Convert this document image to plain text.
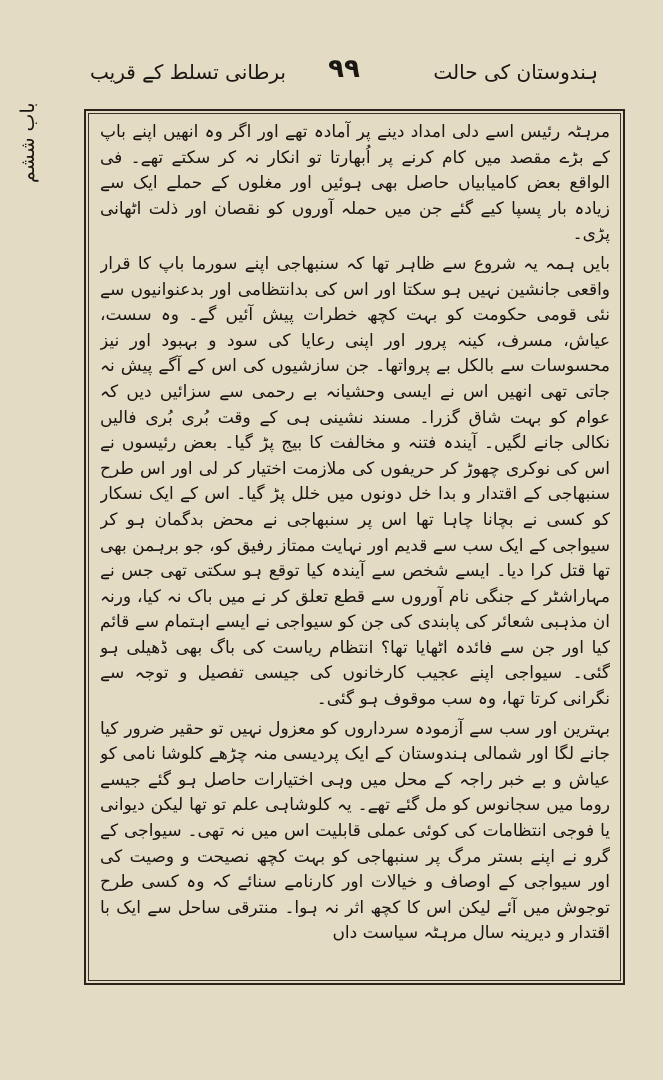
ہندوستان کی حالت
۹۹
برطانی تسلط کے قریب
باب ششم	مرہٹہ رئیس اسے دلی امداد دینے پر آمادہ تھے اور اگر وہ انھیں اپنے باپ کے بڑے مقصد میں کام کرنے پر اُبھارتا تو انکار نہ کر سکتے تھے۔ فی الواقع بعض کامیابیاں حاصل بھی ہوئیں اور مغلوں کے حملے ایک سے زیادہ بار پسپا کیے گئے جن میں حملہ آوروں کو نقصان اور ذلت اٹھانی پڑی۔

بایں ہمہ یہ شروع سے ظاہر تھا کہ سنبھاجی اپنے سورما باپ کا قرار واقعی جانشین نہیں ہو سکتا اور اس کی بدانتظامی اور بدعنوانیوں سے نئی قومی حکومت کو بہت کچھ خطرات پیش آئیں گے۔ وہ سست، عیاش، مسرف، کینہ پرور اور اپنی رعایا کی سود و بہبود اور نیز محسوسات سے بالکل بے پرواتھا۔ جن سازشیوں کی اس کے آگے پیش نہ جاتی تھی انھیں اس نے ایسی وحشیانہ بے رحمی سے سزائیں دیں کہ عوام کو بہت شاق گزرا۔ مسند نشینی ہی کے وقت بُری بُری فالیں نکالی جانے لگیں۔ آیندہ فتنہ و مخالفت کا بیج پڑ گیا۔ بعض رئیسوں نے اس کی نوکری چھوڑ کر حریفوں کی ملازمت اختیار کر لی اور اس طرح سنبھاجی کے اقتدار و بدا خل دونوں میں خلل پڑ گیا۔ اس کے ایک نسکار کو کسی نے بچانا چاہا تھا اس پر سنبھاجی نے محض بدگمان ہو کر سیواجی کے ایک سب سے قدیم اور نہایت ممتاز رفیق کو، جو برہمن بھی تھا قتل کرا دیا۔ ایسے شخص سے آیندہ کیا توقع ہو سکتی تھی جس نے مہاراشٹر کے جنگی نام آوروں سے قطع تعلق کر نے میں باک نہ کیا، ورنہ ان مذہبی شعائر کی پابندی کی جن کو سیواجی نے ایسے اہتمام سے قائم کیا اور جن سے فائدہ اٹھایا تھا؟ انتظام ریاست کی باگ بھی ڈھیلی ہو گئی۔ سیواجی اپنے عجیب کارخانوں کی جیسی تفصیل و توجہ سے نگرانی کرتا تھا، وہ سب موقوف ہو گئی۔

بہترین اور سب سے آزمودہ سرداروں کو معزول نہیں تو حقیر ضرور کیا جانے لگا اور شمالی ہندوستان کے ایک پردیسی منہ چڑھے کلوشا نامی کو عیاش و بے خبر راجہ کے محل میں وہی اختیارات حاصل ہو گئے جیسے روما میں سجانوس کو مل گئے تھے۔ یہ کلوشاہی علم تو تھا لیکن دیوانی یا فوجی انتظامات کی کوئی عملی قابلیت اس میں نہ تھی۔ سیواجی کے گرو نے اپنے بستر مرگ پر سنبھاجی کو بہت کچھ نصیحت و وصیت کی اور سیواجی کے اوصاف و خیالات اور کارنامے سنائے کہ وہ کسی طرح توجوش میں آئے لیکن اس کا کچھ اثر نہ ہوا۔ منترقی ساحل سے ایک با اقتدار و دیرینہ سال مرہٹہ سیاست داں
